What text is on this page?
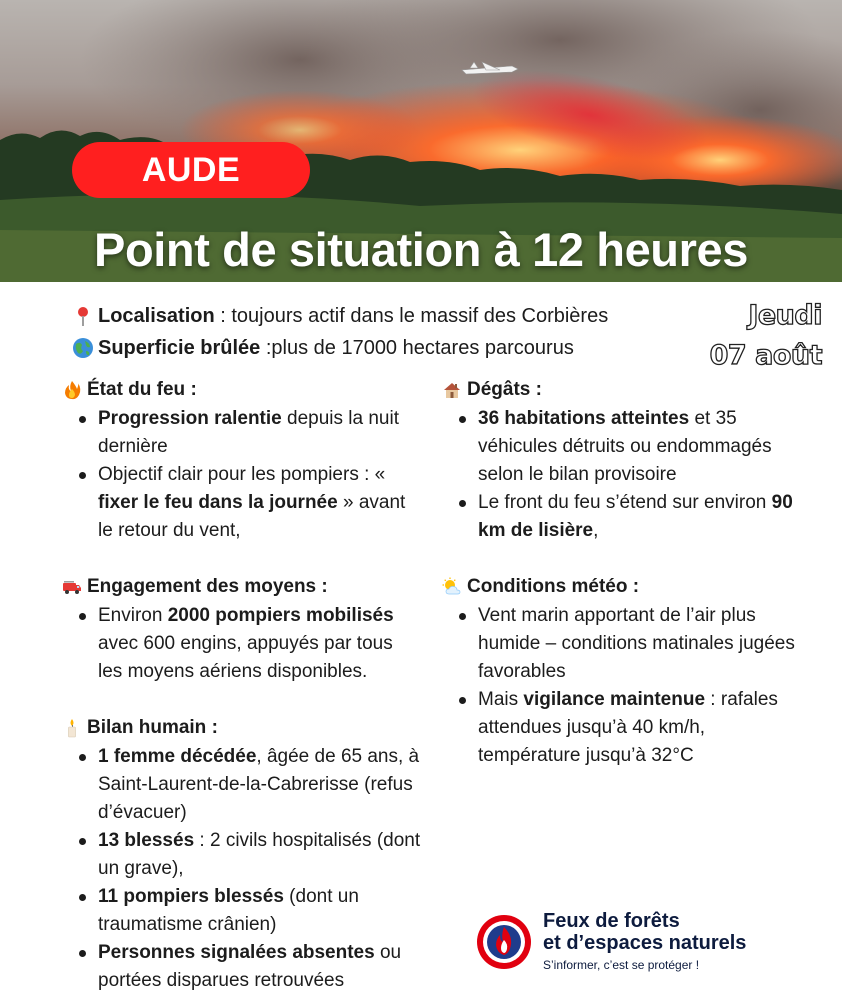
AUDE
Point de situation à 12 heures
Jeudi
07 août
Localisation : toujours actif dans le massif des Corbières
Superficie brûlée :plus de 17000 hectares parcourus
État du feu :
Progression ralentie depuis la nuit dernière
Objectif clair pour les pompiers : « fixer le feu dans la journée » avant le retour du vent,
Engagement des moyens :
Environ 2000 pompiers mobilisés avec 600 engins, appuyés par tous les moyens aériens disponibles.
Bilan humain :
1 femme décédée, âgée de 65 ans, à Saint-Laurent-de-la-Cabrerisse (refus d’évacuer)
13 blessés : 2 civils hospitalisés (dont un grave),
11 pompiers blessés (dont un traumatisme crânien)
Personnes signalées absentes ou portées disparues retrouvées
Dégâts :
36 habitations atteintes et 35 véhicules détruits ou endommagés selon le bilan provisoire
Le front du feu s’étend sur environ 90 km de lisière,
Conditions météo :
Vent marin apportant de l’air plus humide – conditions matinales jugées favorables
Mais vigilance maintenue : rafales attendues jusqu’à 40 km/h, température jusqu’à 32°C
Feux de forêts
et d’espaces naturels
S’informer, c’est se protéger !
